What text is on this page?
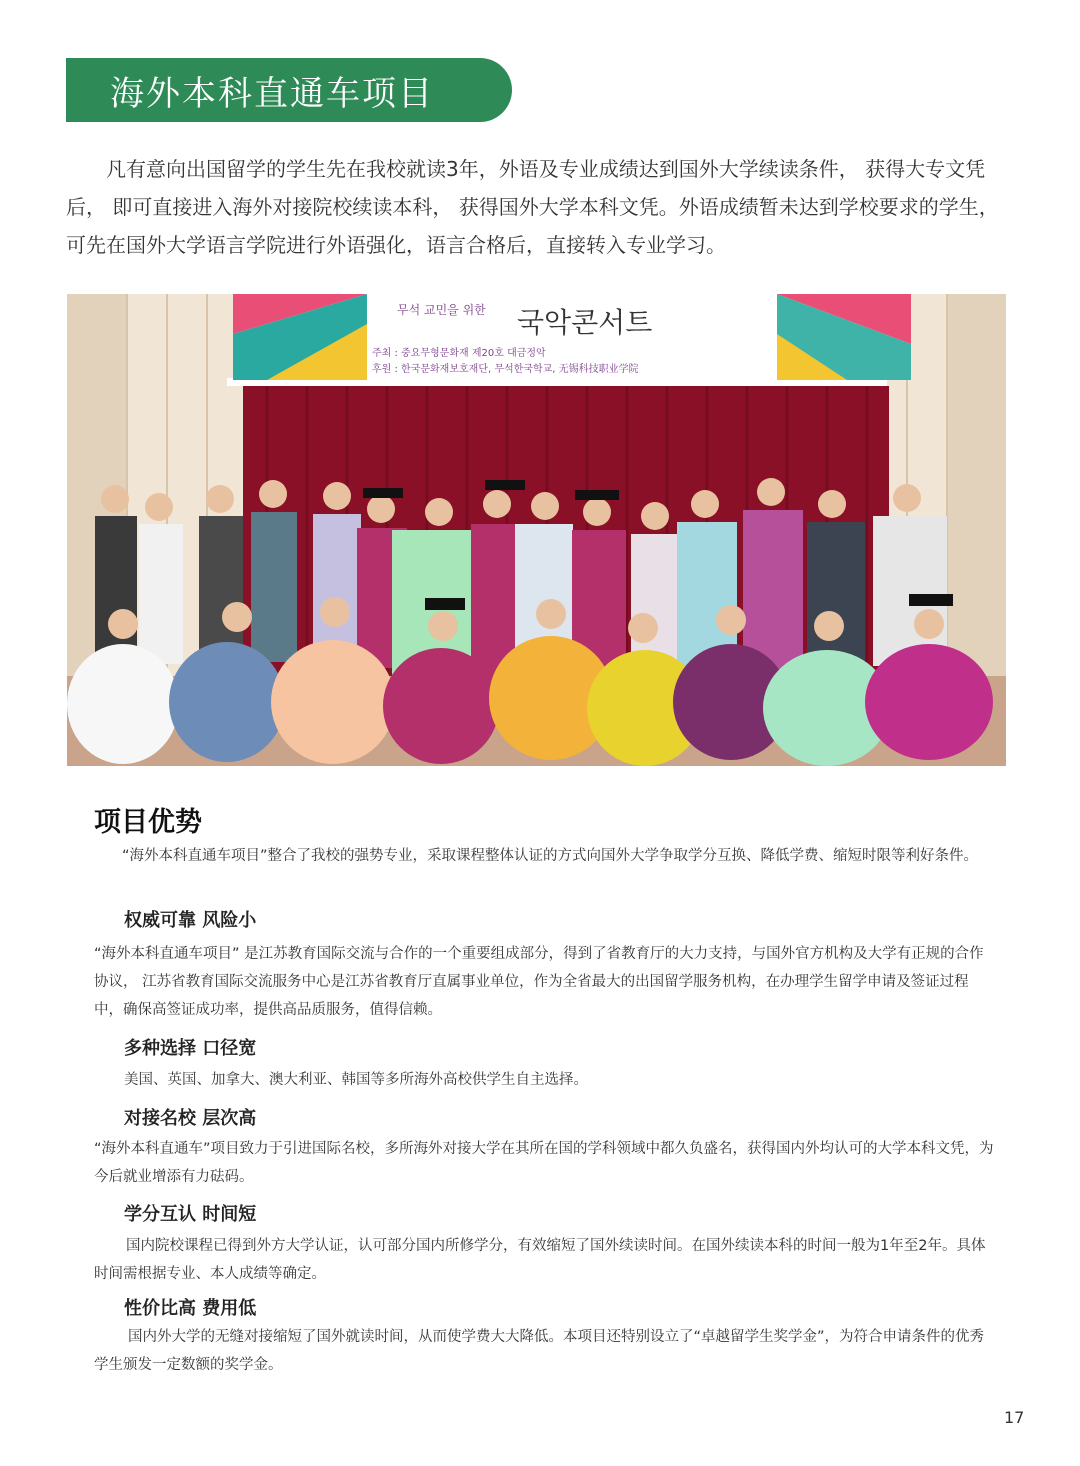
海外本科直通车项目

凡有意向出国留学的学生先在我校就读3年，外语及专业成绩达到国外大学续读条件， 获得大专文凭后， 即可直接进入海外对接院校续读本科， 获得国外大学本科文凭。外语成绩暂未达到学校要求的学生，可先在国外大学语言学院进行外语强化，语言合格后，直接转入专业学习。

무석 교민을 위한 국악콘서트
주최 : 중요무형문화재 제20호 대금정악
후원 : 한국문화재보호재단, 무석한국학교, 无锡科技职业学院
项目优势

“海外本科直通车项目”整合了我校的强势专业，采取课程整体认证的方式向国外大学争取学分互换、降低学费、缩短时限等利好条件。

权威可靠 风险小

“海外本科直通车项目” 是江苏教育国际交流与合作的一个重要组成部分，得到了省教育厅的大力支持，与国外官方机构及大学有正规的合作协议， 江苏省教育国际交流服务中心是江苏省教育厅直属事业单位，作为全省最大的出国留学服务机构，在办理学生留学申请及签证过程中，确保高签证成功率，提供高品质服务，值得信赖。

多种选择 口径宽

美国、英国、加拿大、澳大利亚、韩国等多所海外高校供学生自主选择。

对接名校 层次高

“海外本科直通车”项目致力于引进国际名校，多所海外对接大学在其所在国的学科领域中都久负盛名，获得国内外均认可的大学本科文凭，为今后就业增添有力砝码。

学分互认 时间短

国内院校课程已得到外方大学认证，认可部分国内所修学分，有效缩短了国外续读时间。在国外续读本科的时间一般为1年至2年。具体时间需根据专业、本人成绩等确定。

性价比高 费用低

国内外大学的无缝对接缩短了国外就读时间，从而使学费大大降低。本项目还特别设立了“卓越留学生奖学金”，为符合申请条件的优秀学生颁发一定数额的奖学金。

17
